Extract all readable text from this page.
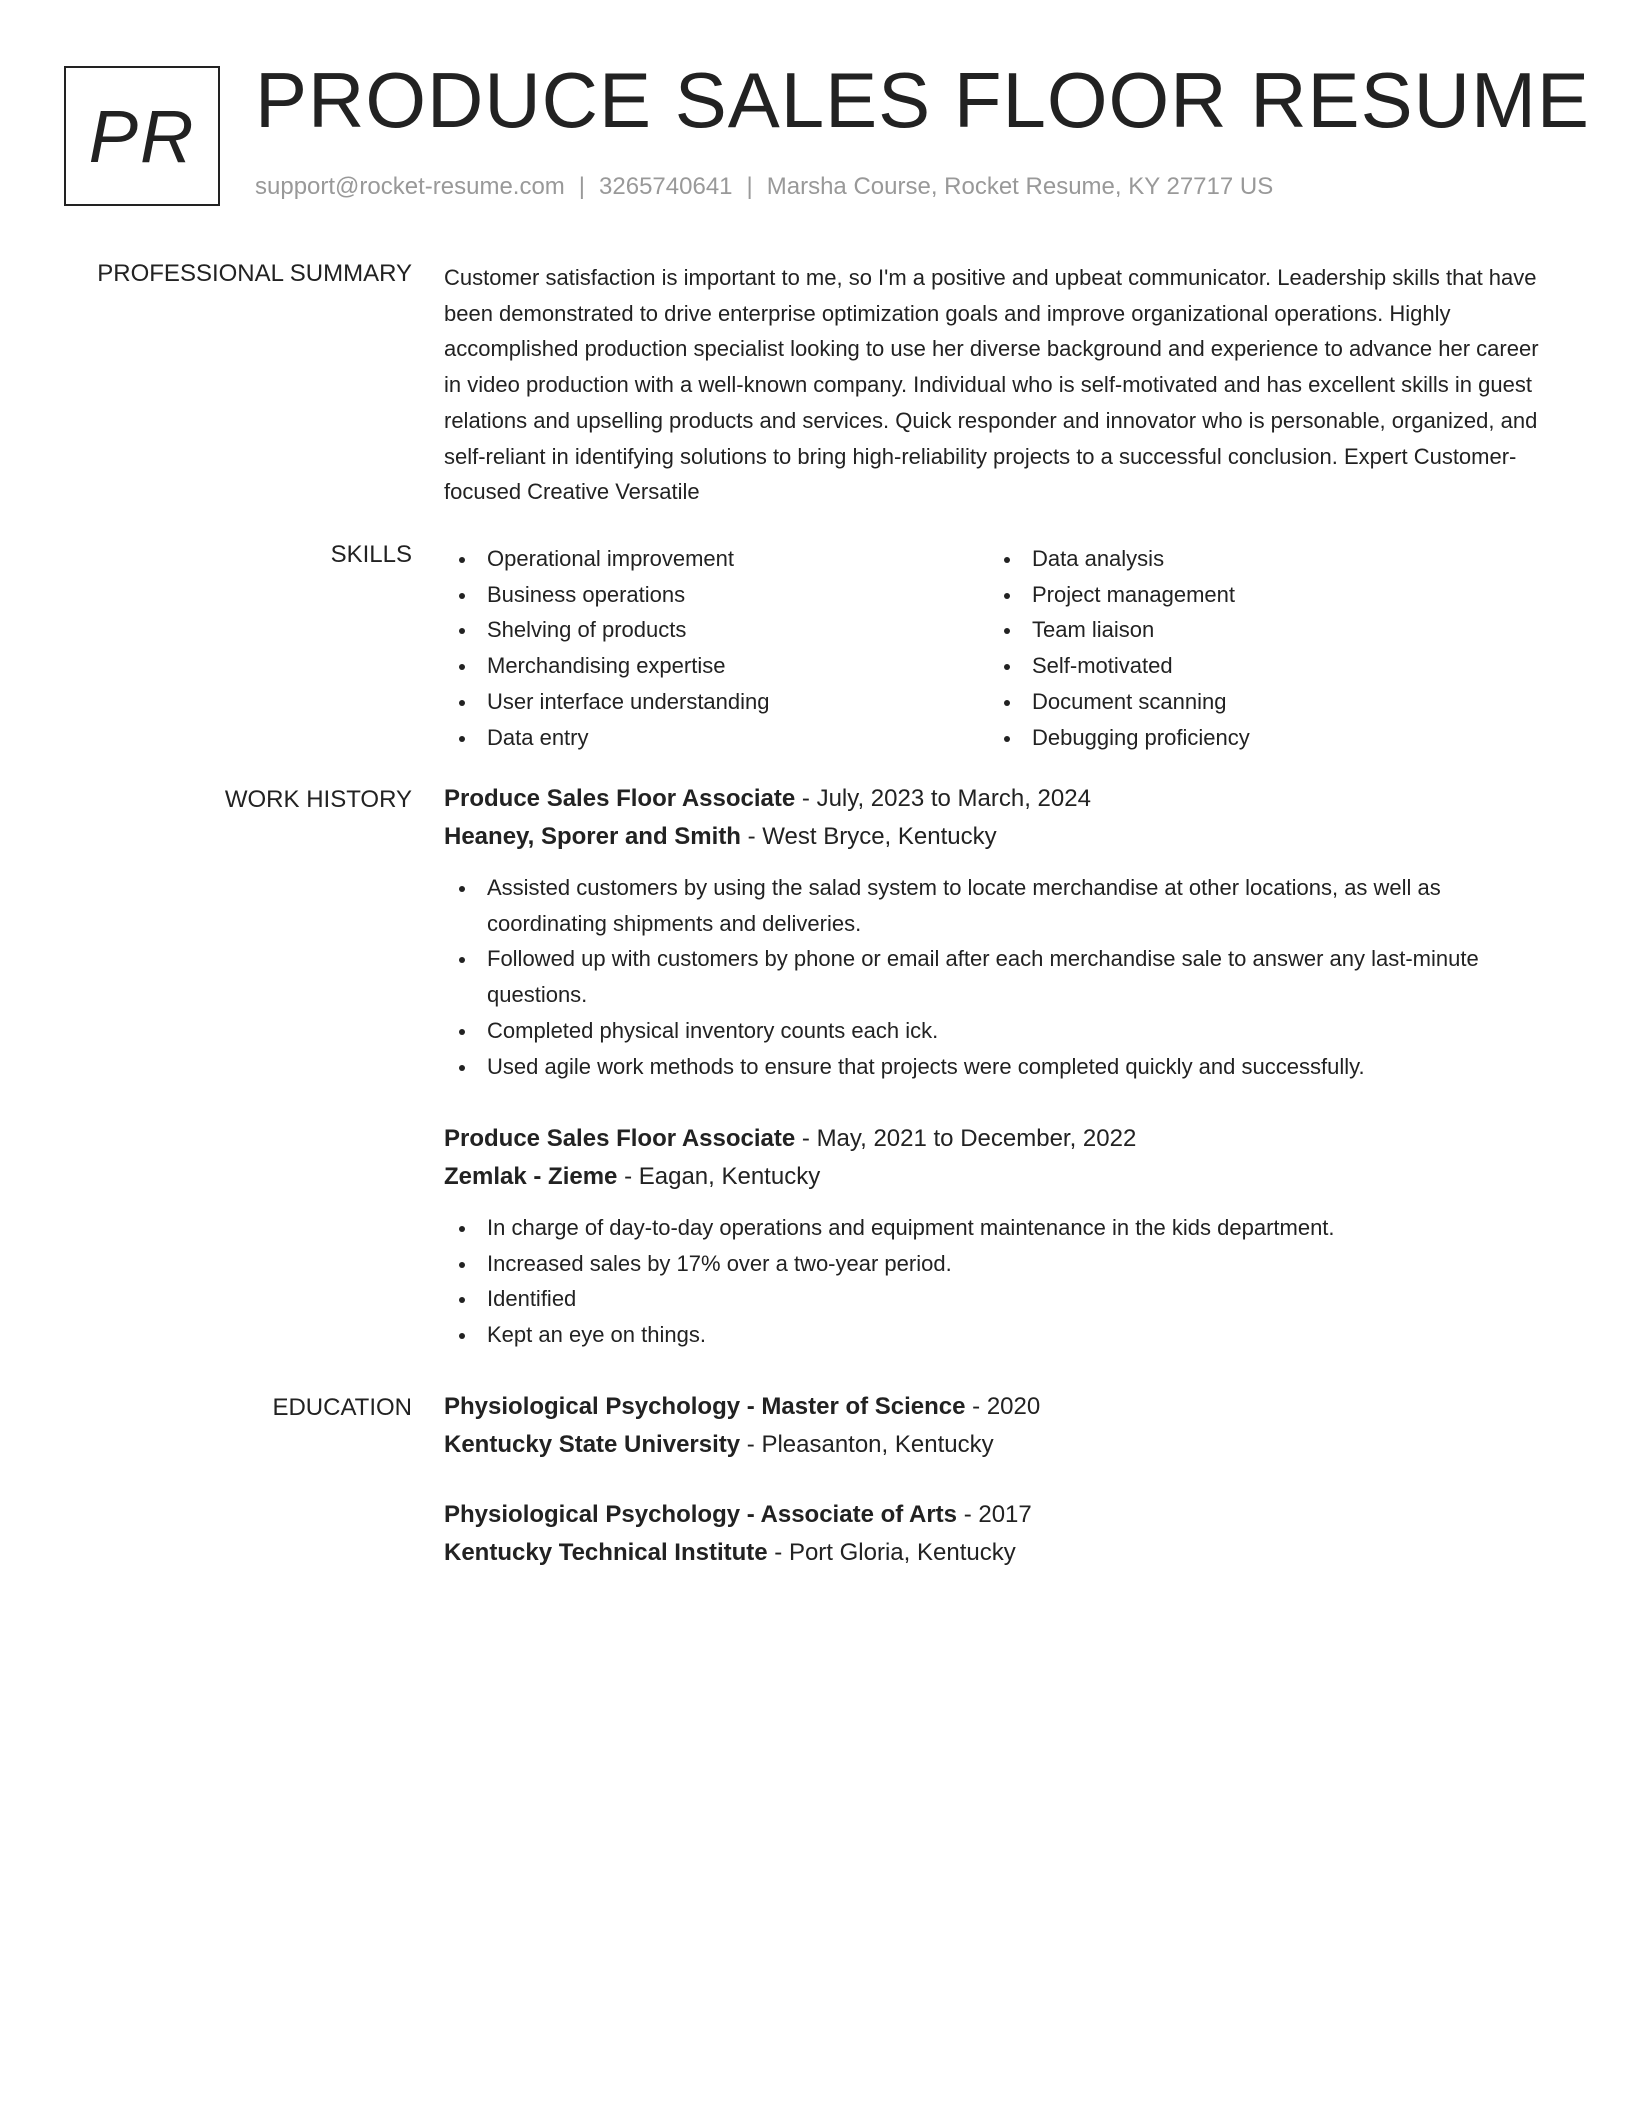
PR PRODUCE SALES FLOOR RESUME
support@rocket-resume.com | 3265740641 | Marsha Course, Rocket Resume, KY 27717 US
PROFESSIONAL SUMMARY Customer satisfaction is important to me, so I'm a positive and upbeat communicator. Leadership skills that have been demonstrated to drive enterprise optimization goals and improve organizational operations. Highly accomplished production specialist looking to use her diverse background and experience to advance her career in video production with a well-known company. Individual who is self-motivated and has excellent skills in guest relations and upselling products and services. Quick responder and innovator who is personable, organized, and self-reliant in identifying solutions to bring high-reliability projects to a successful conclusion. Expert Customer-focused Creative Versatile

SKILLS	Operational improvement
Business operations
Shelving of products
Merchandising expertise
User interface understanding
Data entry
Data analysis
Project management
Team liaison
Self-motivated
Document scanning
Debugging proficiency
WORK HISTORY Produce Sales Floor Associate - July, 2023 to March, 2024
Heaney, Sporer and Smith - West Bryce, Kentucky
Assisted customers by using the salad system to locate merchandise at other locations, as well as coordinating shipments and deliveries.
Followed up with customers by phone or email after each merchandise sale to answer any last-minute questions.
Completed physical inventory counts each ick.
Used agile work methods to ensure that projects were completed quickly and successfully.
Produce Sales Floor Associate - May, 2021 to December, 2022
Zemlak - Zieme - Eagan, Kentucky
In charge of day-to-day operations and equipment maintenance in the kids department.
Increased sales by 17% over a two-year period.
Identified
Kept an eye on things.
EDUCATION Physiological Psychology - Master of Science - 2020
Kentucky State University - Pleasanton, Kentucky
Physiological Psychology - Associate of Arts - 2017
Kentucky Technical Institute - Port Gloria, Kentucky
